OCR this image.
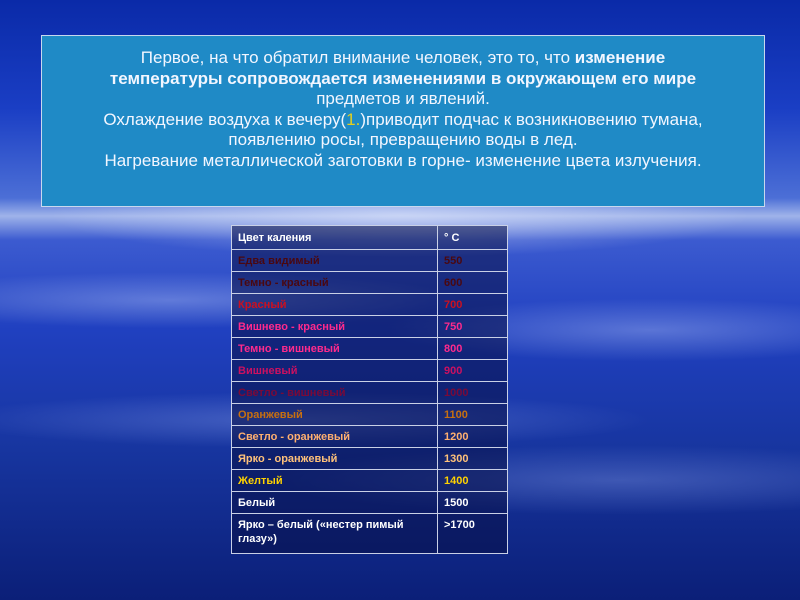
Первое, на что обратил внимание человек, это то, что изменение

температуры сопровождается изменениями в окружающем его мире

предметов и явлений.

Охлаждение воздуха к вечеру(1.)приводит подчас к возникновению тумана,

появлению росы, превращению воды в лед.

Нагревание металлической заготовки в горне- изменение цвета излучения.

Цвет каления	° С
Едва видимый	550
Темно - красный	600
Красный	700
Вишнево - красный	750
Темно - вишневый	800
Вишневый	900
Светло - вишневый	1000
Оранжевый	1100
Светло - оранжевый	1200
Ярко - оранжевый	1300
Желтый	1400
Белый	1500
Ярко – белый («нестер пимый глазу»)	>1700
